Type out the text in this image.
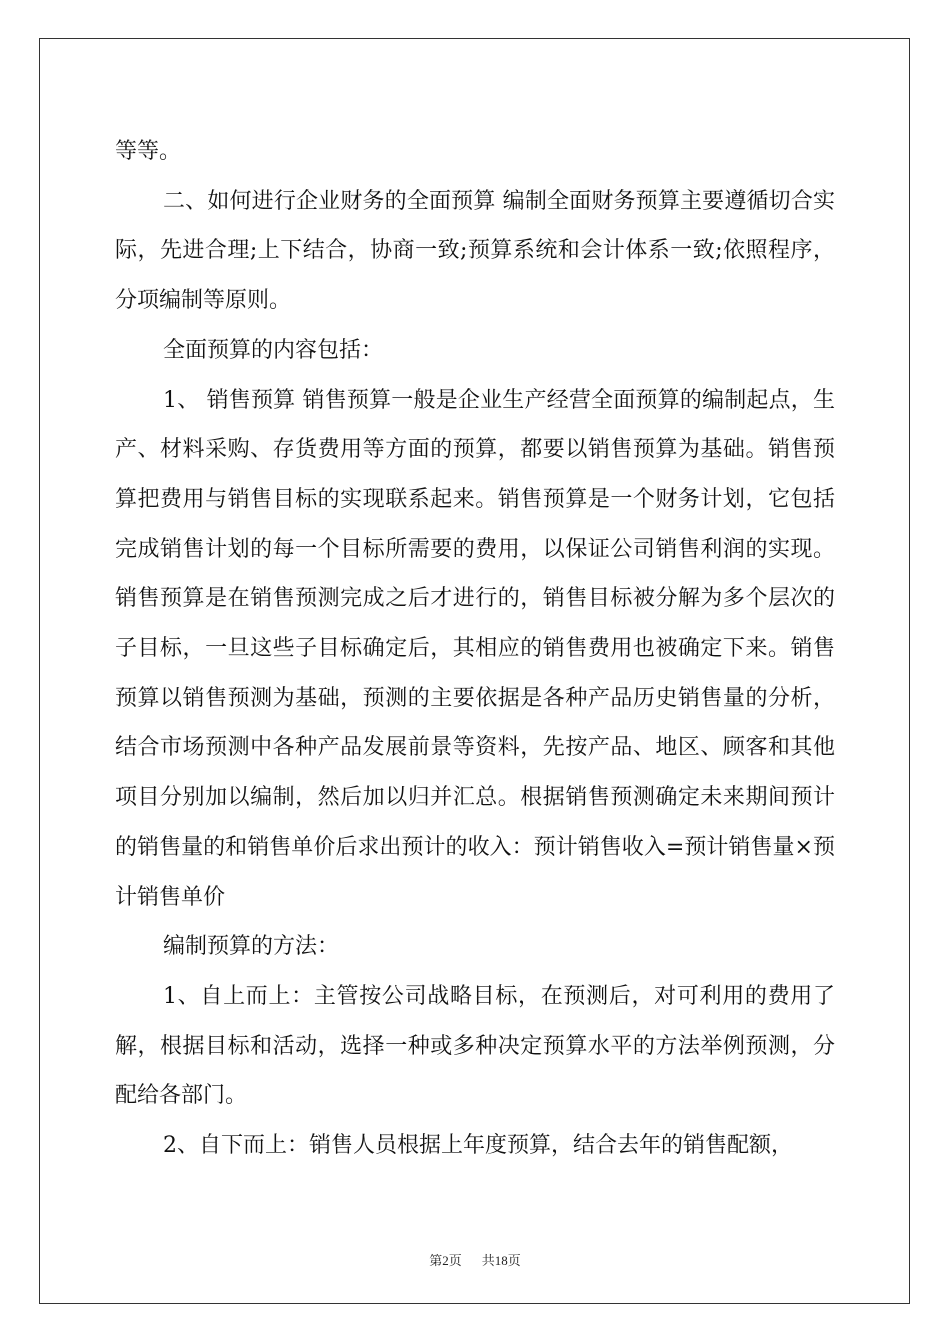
等等。

二、如何进行企业财务的全面预算 编制全面财务预算主要遵循切合实际，先进合理;上下结合，协商一致;预算系统和会计体系一致;依照程序，分项编制等原则。

全面预算的内容包括：

1、 销售预算 销售预算一般是企业生产经营全面预算的编制起点，生产、材料采购、存货费用等方面的预算，都要以销售预算为基础。销售预算把费用与销售目标的实现联系起来。销售预算是一个财务计划，它包括完成销售计划的每一个目标所需要的费用，以保证公司销售利润的实现。销售预算是在销售预测完成之后才进行的，销售目标被分解为多个层次的子目标，一旦这些子目标确定后，其相应的销售费用也被确定下来。销售预算以销售预测为基础，预测的主要依据是各种产品历史销售量的分析，结合市场预测中各种产品发展前景等资料，先按产品、地区、顾客和其他项目分别加以编制，然后加以归并汇总。根据销售预测确定未来期间预计的销售量的和销售单价后求出预计的收入：预计销售收入=预计销售量×预计销售单价

编制预算的方法：

1、自上而上：主管按公司战略目标，在预测后，对可利用的费用了解，根据目标和活动，选择一种或多种决定预算水平的方法举例预测，分配给各部门。

2、自下而上：销售人员根据上年度预算，结合去年的销售配额，

第2页 共18页
